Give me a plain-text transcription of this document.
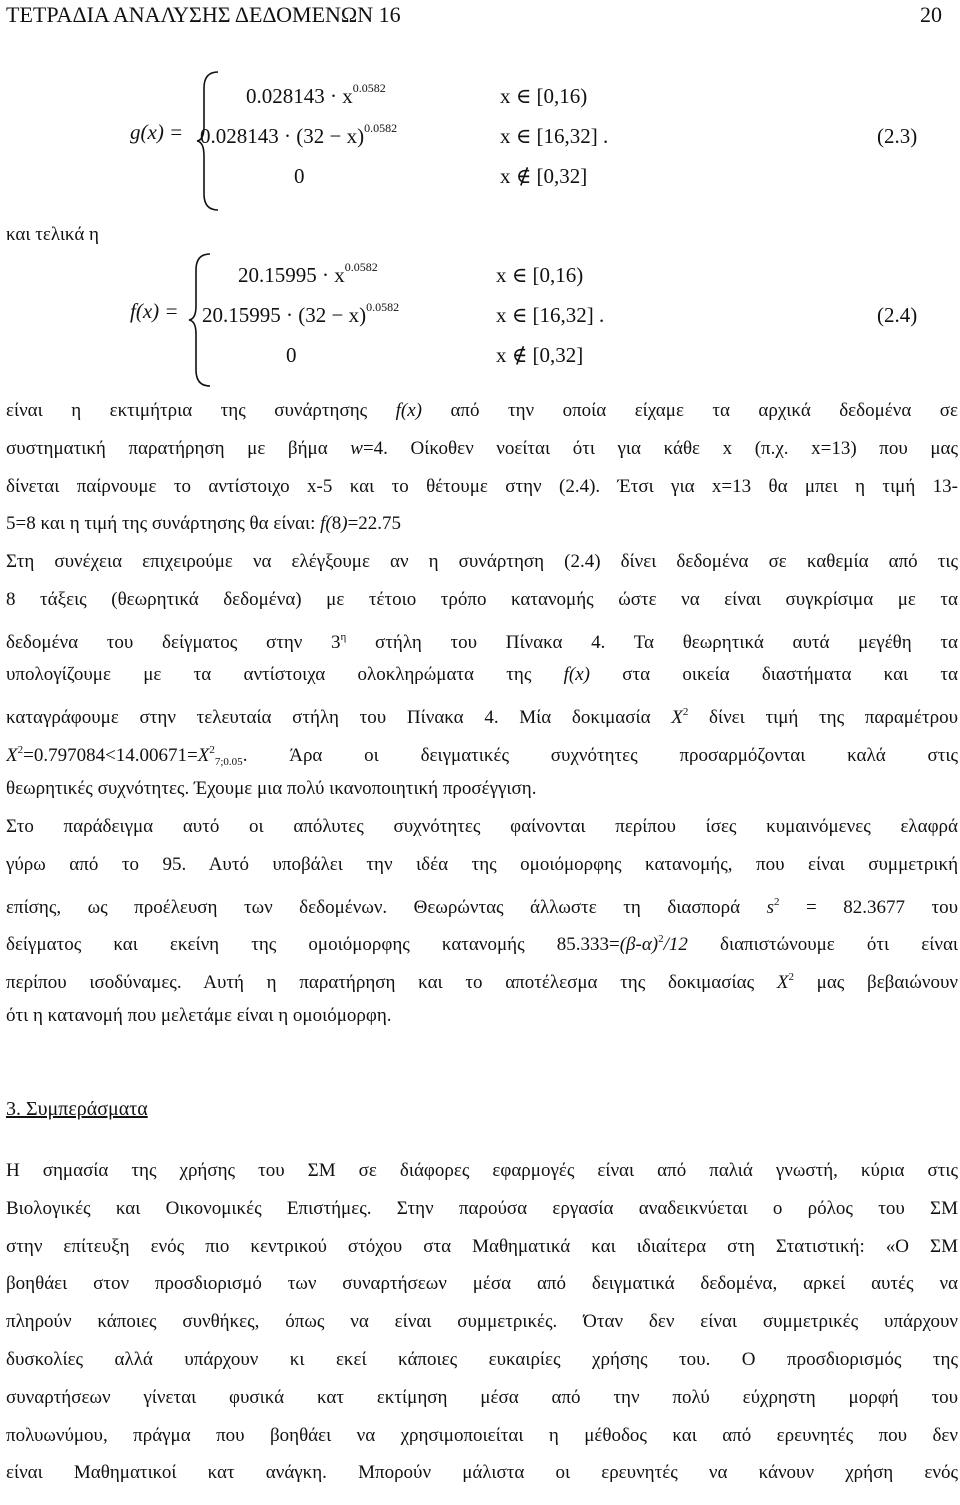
ΤΕΤΡΑΔΙΑ ΑΝΑΛΥΣΗΣ ΔΕΔΟΜΕΝΩΝ 16	20
g(x) =
$0.028143 \cdot x^{0.0582}$	x ∈ [0,16)
$0.028143 \cdot (32 - x)^{0.0582}$	x ∈ [16,32] .
0	x ∉ [0,32]
(2.3)
και τελικά η
f(x) =
$20.15995 \cdot x^{0.0582}$	x ∈ [0,16)
$20.15995 \cdot (32 - x)^{0.0582}$	x ∈ [16,32] .
0	x ∉ [0,32]
(2.4)
είναι η εκτιμήτρια της συνάρτησης f(x) από την οποία είχαμε τα αρχικά δεδομένα σε
συστηματική παρατήρηση με βήμα w=4. Οίκοθεν νοείται ότι για κάθε x (π.χ. x=13) που μας
δίνεται παίρνουμε το αντίστοιχο x-5 και το θέτουμε στην (2.4). Έτσι για x=13 θα μπει η τιμή 13-
5=8 και η τιμή της συνάρτησης θα είναι: f(8)=22.75
Στη συνέχεια επιχειρούμε να ελέγξουμε αν η συνάρτηση (2.4) δίνει δεδομένα σε καθεμία από τις
8 τάξεις (θεωρητικά δεδομένα) με τέτοιο τρόπο κατανομής ώστε να είναι συγκρίσιμα με τα
δεδομένα του δείγματος στην $3^\eta$ στήλη του Πίνακα 4. Τα θεωρητικά αυτά μεγέθη τα
υπολογίζουμε με τα αντίστοιχα ολοκληρώματα της f(x) στα οικεία διαστήματα και τα
καταγράφουμε στην τελευταία στήλη του Πίνακα 4. Μία δοκιμασία $X^2$ δίνει τιμή της παραμέτρου
$X^2=0.797084<14.00671=X^2_{7;0.05}$. Άρα οι δειγματικές συχνότητες προσαρμόζονται καλά στις
θεωρητικές συχνότητες. Έχουμε μια πολύ ικανοποιητική προσέγγιση.
Στο παράδειγμα αυτό οι απόλυτες συχνότητες φαίνονται περίπου ίσες κυμαινόμενες ελαφρά
γύρω από το 95. Αυτό υποβάλει την ιδέα της ομοιόμορφης κατανομής, που είναι συμμετρική
επίσης, ως προέλευση των δεδομένων. Θεωρώντας άλλωστε τη διασπορά $s^2 = 82.3677$ του
δείγματος και εκείνη της ομοιόμορφης κατανομής $85.333=(\beta-\alpha)^2/12$ διαπιστώνουμε ότι είναι
περίπου ισοδύναμες. Αυτή η παρατήρηση και το αποτέλεσμα της δοκιμασίας $X^2$ μας βεβαιώνουν
ότι η κατανομή που μελετάμε είναι η ομοιόμορφη.
3. Συμπεράσματα
Η σημασία της χρήσης του ΣΜ σε διάφορες εφαρμογές είναι από παλιά γνωστή, κύρια στις
Βιολογικές και Οικονομικές Επιστήμες. Στην παρούσα εργασία αναδεικνύεται ο ρόλος του ΣΜ
στην επίτευξη ενός πιο κεντρικού στόχου στα Μαθηματικά και ιδιαίτερα στη Στατιστική: «Ο ΣΜ
βοηθάει στον προσδιορισμό των συναρτήσεων μέσα από δειγματικά δεδομένα, αρκεί αυτές να
πληρούν κάποιες συνθήκες, όπως να είναι συμμετρικές. Όταν δεν είναι συμμετρικές υπάρχουν
δυσκολίες αλλά υπάρχουν κι εκεί κάποιες ευκαιρίες χρήσης του. Ο προσδιορισμός της
συναρτήσεων γίνεται φυσικά κατ εκτίμηση μέσα από την πολύ εύχρηστη μορφή του
πολυωνύμου, πράγμα που βοηθάει να χρησιμοποιείται η μέθοδος και από ερευνητές που δεν
είναι Μαθηματικοί κατ ανάγκη. Μπορούν μάλιστα οι ερευνητές να κάνουν χρήση ενός
